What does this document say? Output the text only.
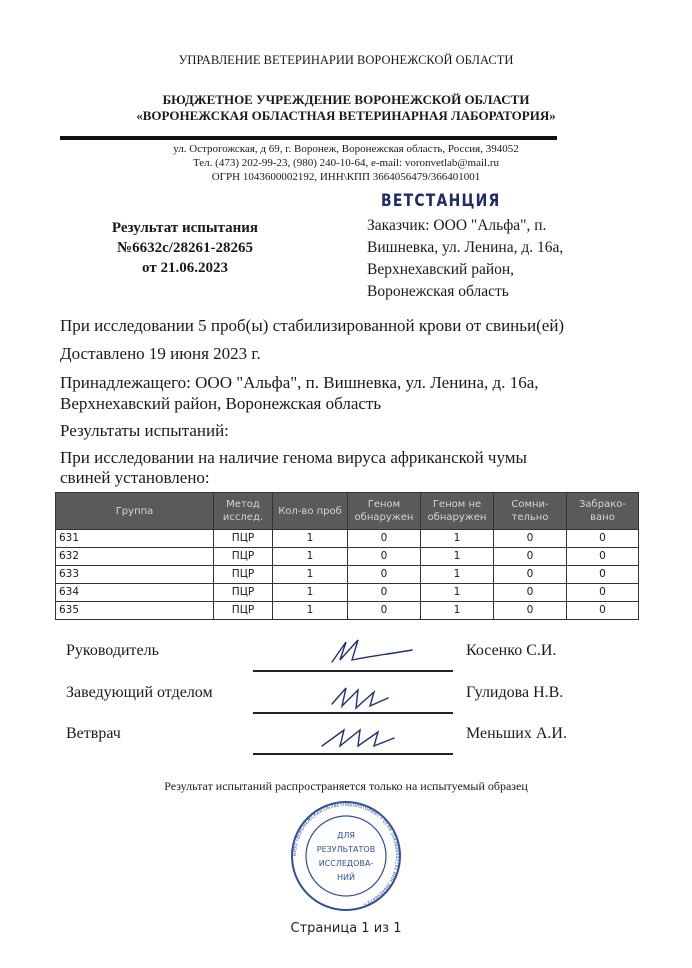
УПРАВЛЕНИЕ ВЕТЕРИНАРИИ ВОРОНЕЖСКОЙ ОБЛАСТИ
БЮДЖЕТНОЕ УЧРЕЖДЕНИЕ ВОРОНЕЖСКОЙ ОБЛАСТИ
«ВОРОНЕЖСКАЯ ОБЛАСТНАЯ ВЕТЕРИНАРНАЯ ЛАБОРАТОРИЯ»
ул. Острогожская, д 69, г. Воронеж, Воронежская область, Россия, 394052
Тел. (473) 202-99-23, (980) 240-10-64, e-mail: voronvetlab@mail.ru
ОГРН 1043600002192, ИНН\КПП 3664056479/366401001
Результат испытания
№6632с/28261-28265
от 21.06.2023
ВЕТСТАНЦИЯ
Заказчик: ООО "Альфа", п.
Вишневка, ул. Ленина, д. 16а,
Верхнехавский район,
Воронежская область
При исследовании 5 проб(ы) стабилизированной крови от свиньи(ей)
Доставлено 19 июня 2023 г.
Принадлежащего: ООО "Альфа", п. Вишневка, ул. Ленина, д. 16а,
Верхнехавский район, Воронежская область
Результаты испытаний:
При исследовании на наличие генома вируса африканской чумы
свиней установлено:
Группа	Метод исслед.	Кол-во проб	Геном обнаружен	Геном не обнаружен	Сомни-тельно	Забрако-вано
631	ПЦР	1	0	1	0	0
632	ПЦР	1	0	1	0	0
633	ПЦР	1	0	1	0	0
634	ПЦР	1	0	1	0	0
635	ПЦР	1	0	1	0	0
Руководитель	Косенко С.И.
Заведующий отделом	Гулидова Н.В.
Ветврач	Меньших А.И.
Результат испытаний распространяется только на испытуемый образец
БУВО «ВОРОНЕЖСКАЯ ОБЛВЕТЛАБОРАТОРИЯ» • ОГРН 1043600002192 ИНН 3664056479 •
ДЛЯ
РЕЗУЛЬТАТОВ
ИССЛЕДОВА-
НИЙ
Страница 1 из 1
